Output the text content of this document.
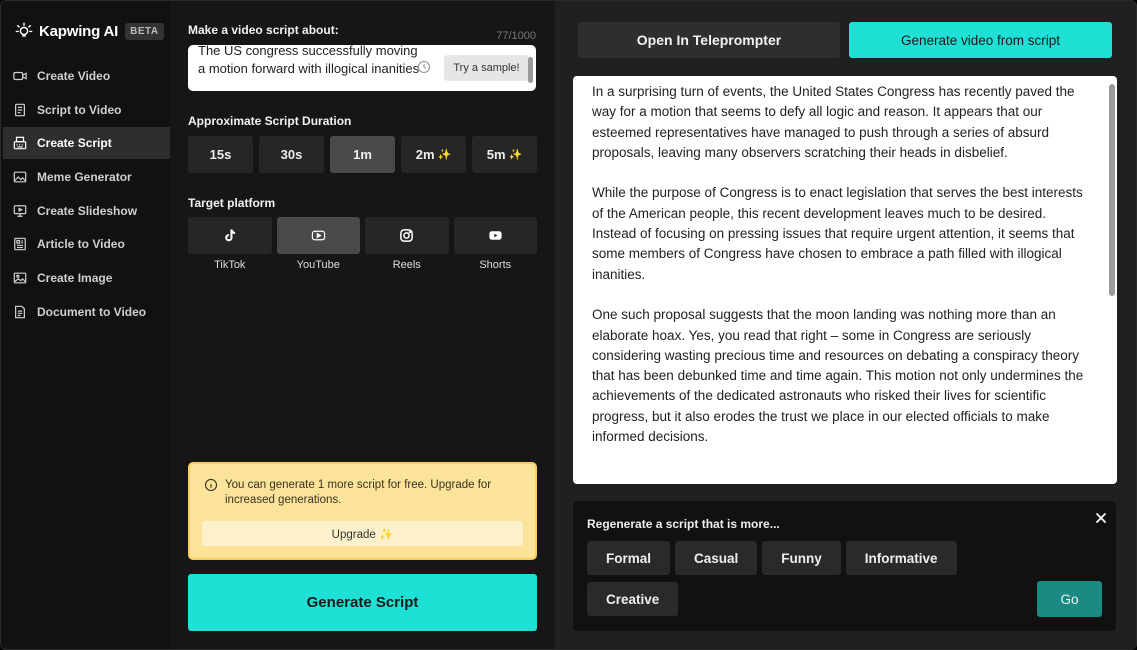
Kapwing AI	BETA
Create Video
Script to Video
Create Script
Meme Generator
Create Slideshow
Article to Video
Create Image
Document to Video
Make a video script about:	77/1000
The US congress successfully moving a motion forward with illogical inanities	Try a sample!
Approximate Script Duration
15s	30s	1m	2m ✨	5m ✨
Target platform
TikTok	YouTube	Reels	Shorts
You can generate 1 more script for free. Upgrade for increased generations.
Upgrade ✨
Generate Script
Open In Teleprompter	Generate video from script

In a surprising turn of events, the United States Congress has recently paved the way for a motion that seems to defy all logic and reason. It appears that our esteemed representatives have managed to push through a series of absurd proposals, leaving many observers scratching their heads in disbelief.

While the purpose of Congress is to enact legislation that serves the best interests of the American people, this recent development leaves much to be desired. Instead of focusing on pressing issues that require urgent attention, it seems that some members of Congress have chosen to embrace a path filled with illogical inanities.

One such proposal suggests that the moon landing was nothing more than an elaborate hoax. Yes, you read that right – some in Congress are seriously considering wasting precious time and resources on debating a conspiracy theory that has been debunked time and time again. This motion not only undermines the achievements of the dedicated astronauts who risked their lives for scientific progress, but it also erodes the trust we place in our elected officials to make informed decisions.

Regenerate a script that is more...
Formal	Casual	Funny	Informative
Creative	Go
